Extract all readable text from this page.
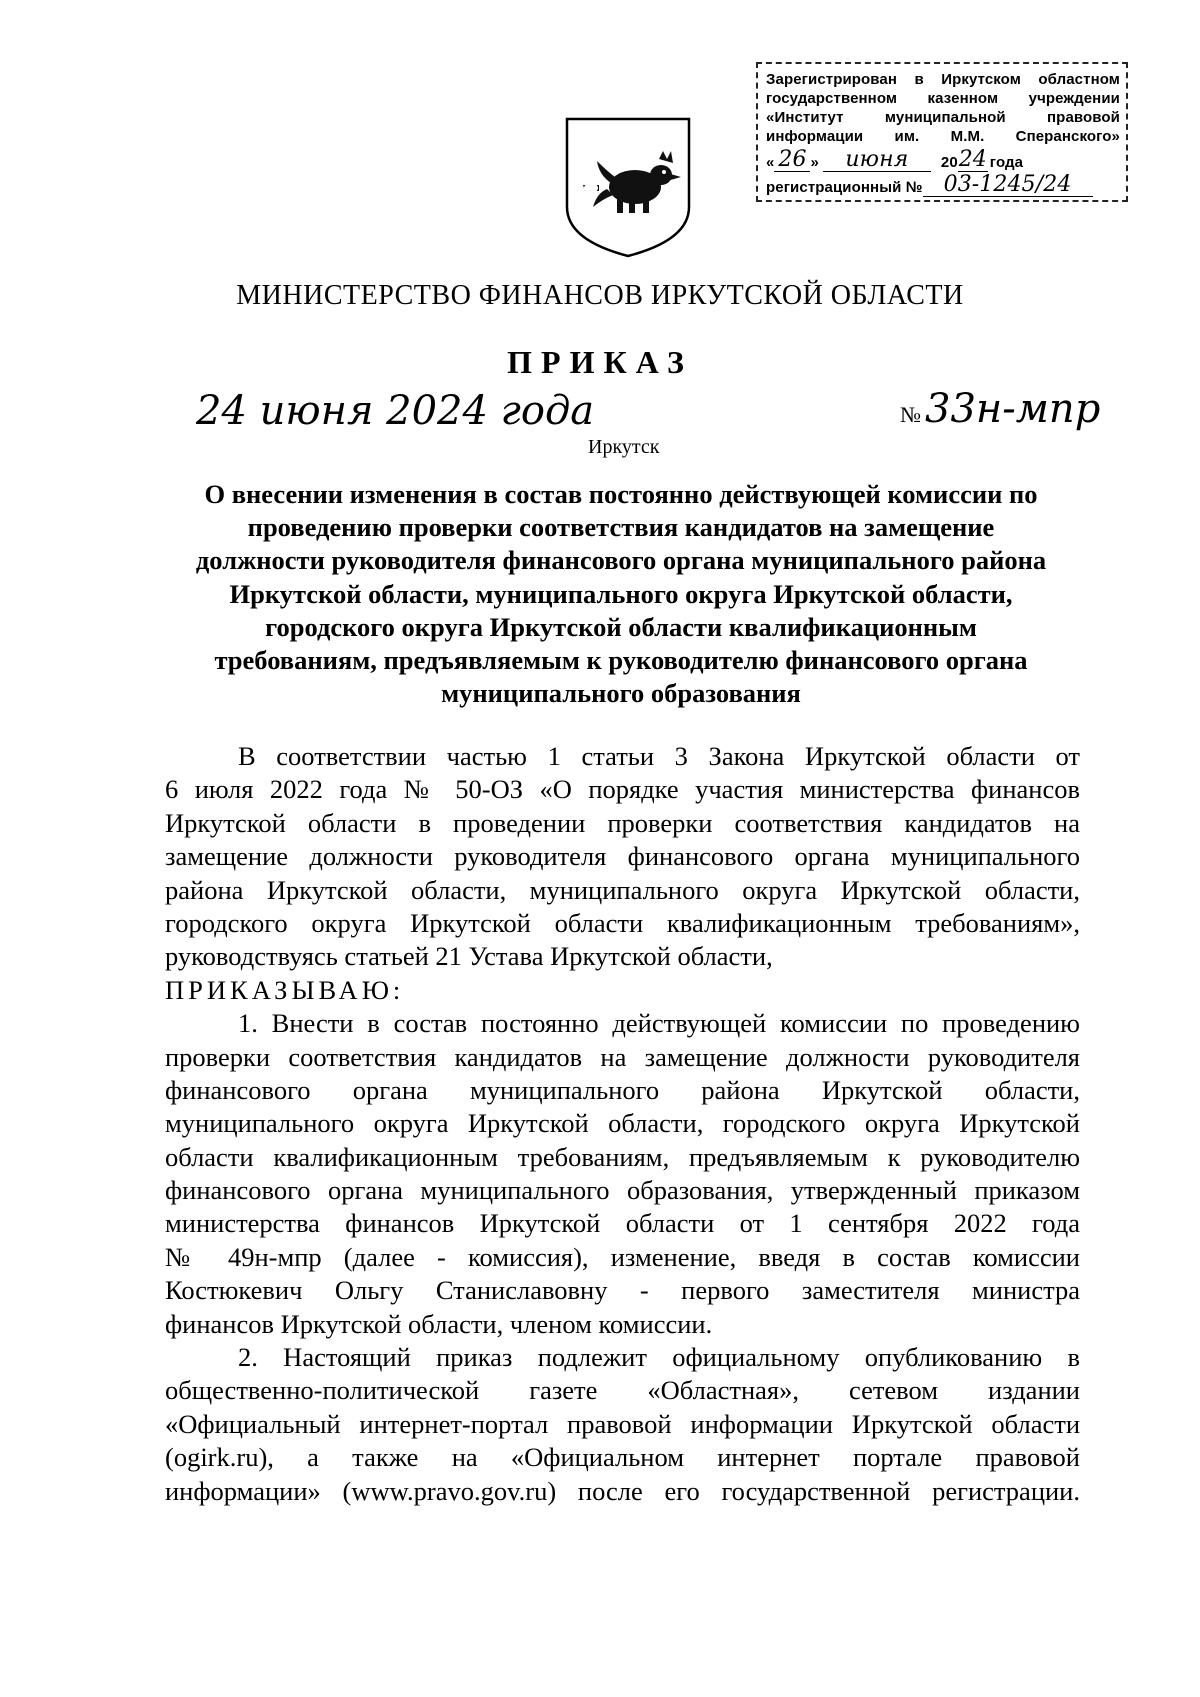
Зарегистрирован в Иркутском областном
государственном казенном учреждении
«Институт муниципальной правовой
информации им. М.М. Сперанского»
« 26 »	июня	20 24 года
регистрационный № 03-1245/24
МИНИСТЕРСТВО ФИНАНСОВ ИРКУТСКОЙ ОБЛАСТИ
ПРИКАЗ
24 июня 2024 года	№ 33н-мпр
Иркутск
О внесении изменения в состав постоянно действующей комиссии по
проведению проверки соответствия кандидатов на замещение
должности руководителя финансового органа муниципального района
Иркутской области, муниципального округа Иркутской области,
городского округа Иркутской области квалификационным
требованиям, предъявляемым к руководителю финансового органа
муниципального образования
В соответствии частью 1 статьи 3 Закона Иркутской области от
6 июля 2022 года № 50-ОЗ «О порядке участия министерства финансов
Иркутской области в проведении проверки соответствия кандидатов на
замещение должности руководителя финансового органа муниципального
района Иркутской области, муниципального округа Иркутской области,
городского округа Иркутской области квалификационным требованиям»,
руководствуясь статьей 21 Устава Иркутской области,
ПРИКАЗЫВАЮ:
1. Внести в состав постоянно действующей комиссии по проведению
проверки соответствия кандидатов на замещение должности руководителя
финансового органа муниципального района Иркутской области,
муниципального округа Иркутской области, городского округа Иркутской
области квалификационным требованиям, предъявляемым к руководителю
финансового органа муниципального образования, утвержденный приказом
министерства финансов Иркутской области от 1 сентября 2022 года
№ 49н-мпр (далее - комиссия), изменение, введя в состав комиссии
Костюкевич Ольгу Станиславовну - первого заместителя министра
финансов Иркутской области, членом комиссии.
2. Настоящий приказ подлежит официальному опубликованию в
общественно-политической газете «Областная», сетевом издании
«Официальный интернет-портал правовой информации Иркутской области
(ogirk.ru), а также на «Официальном интернет портале правовой
информации» (www.pravo.gov.ru) после его государственной регистрации.
